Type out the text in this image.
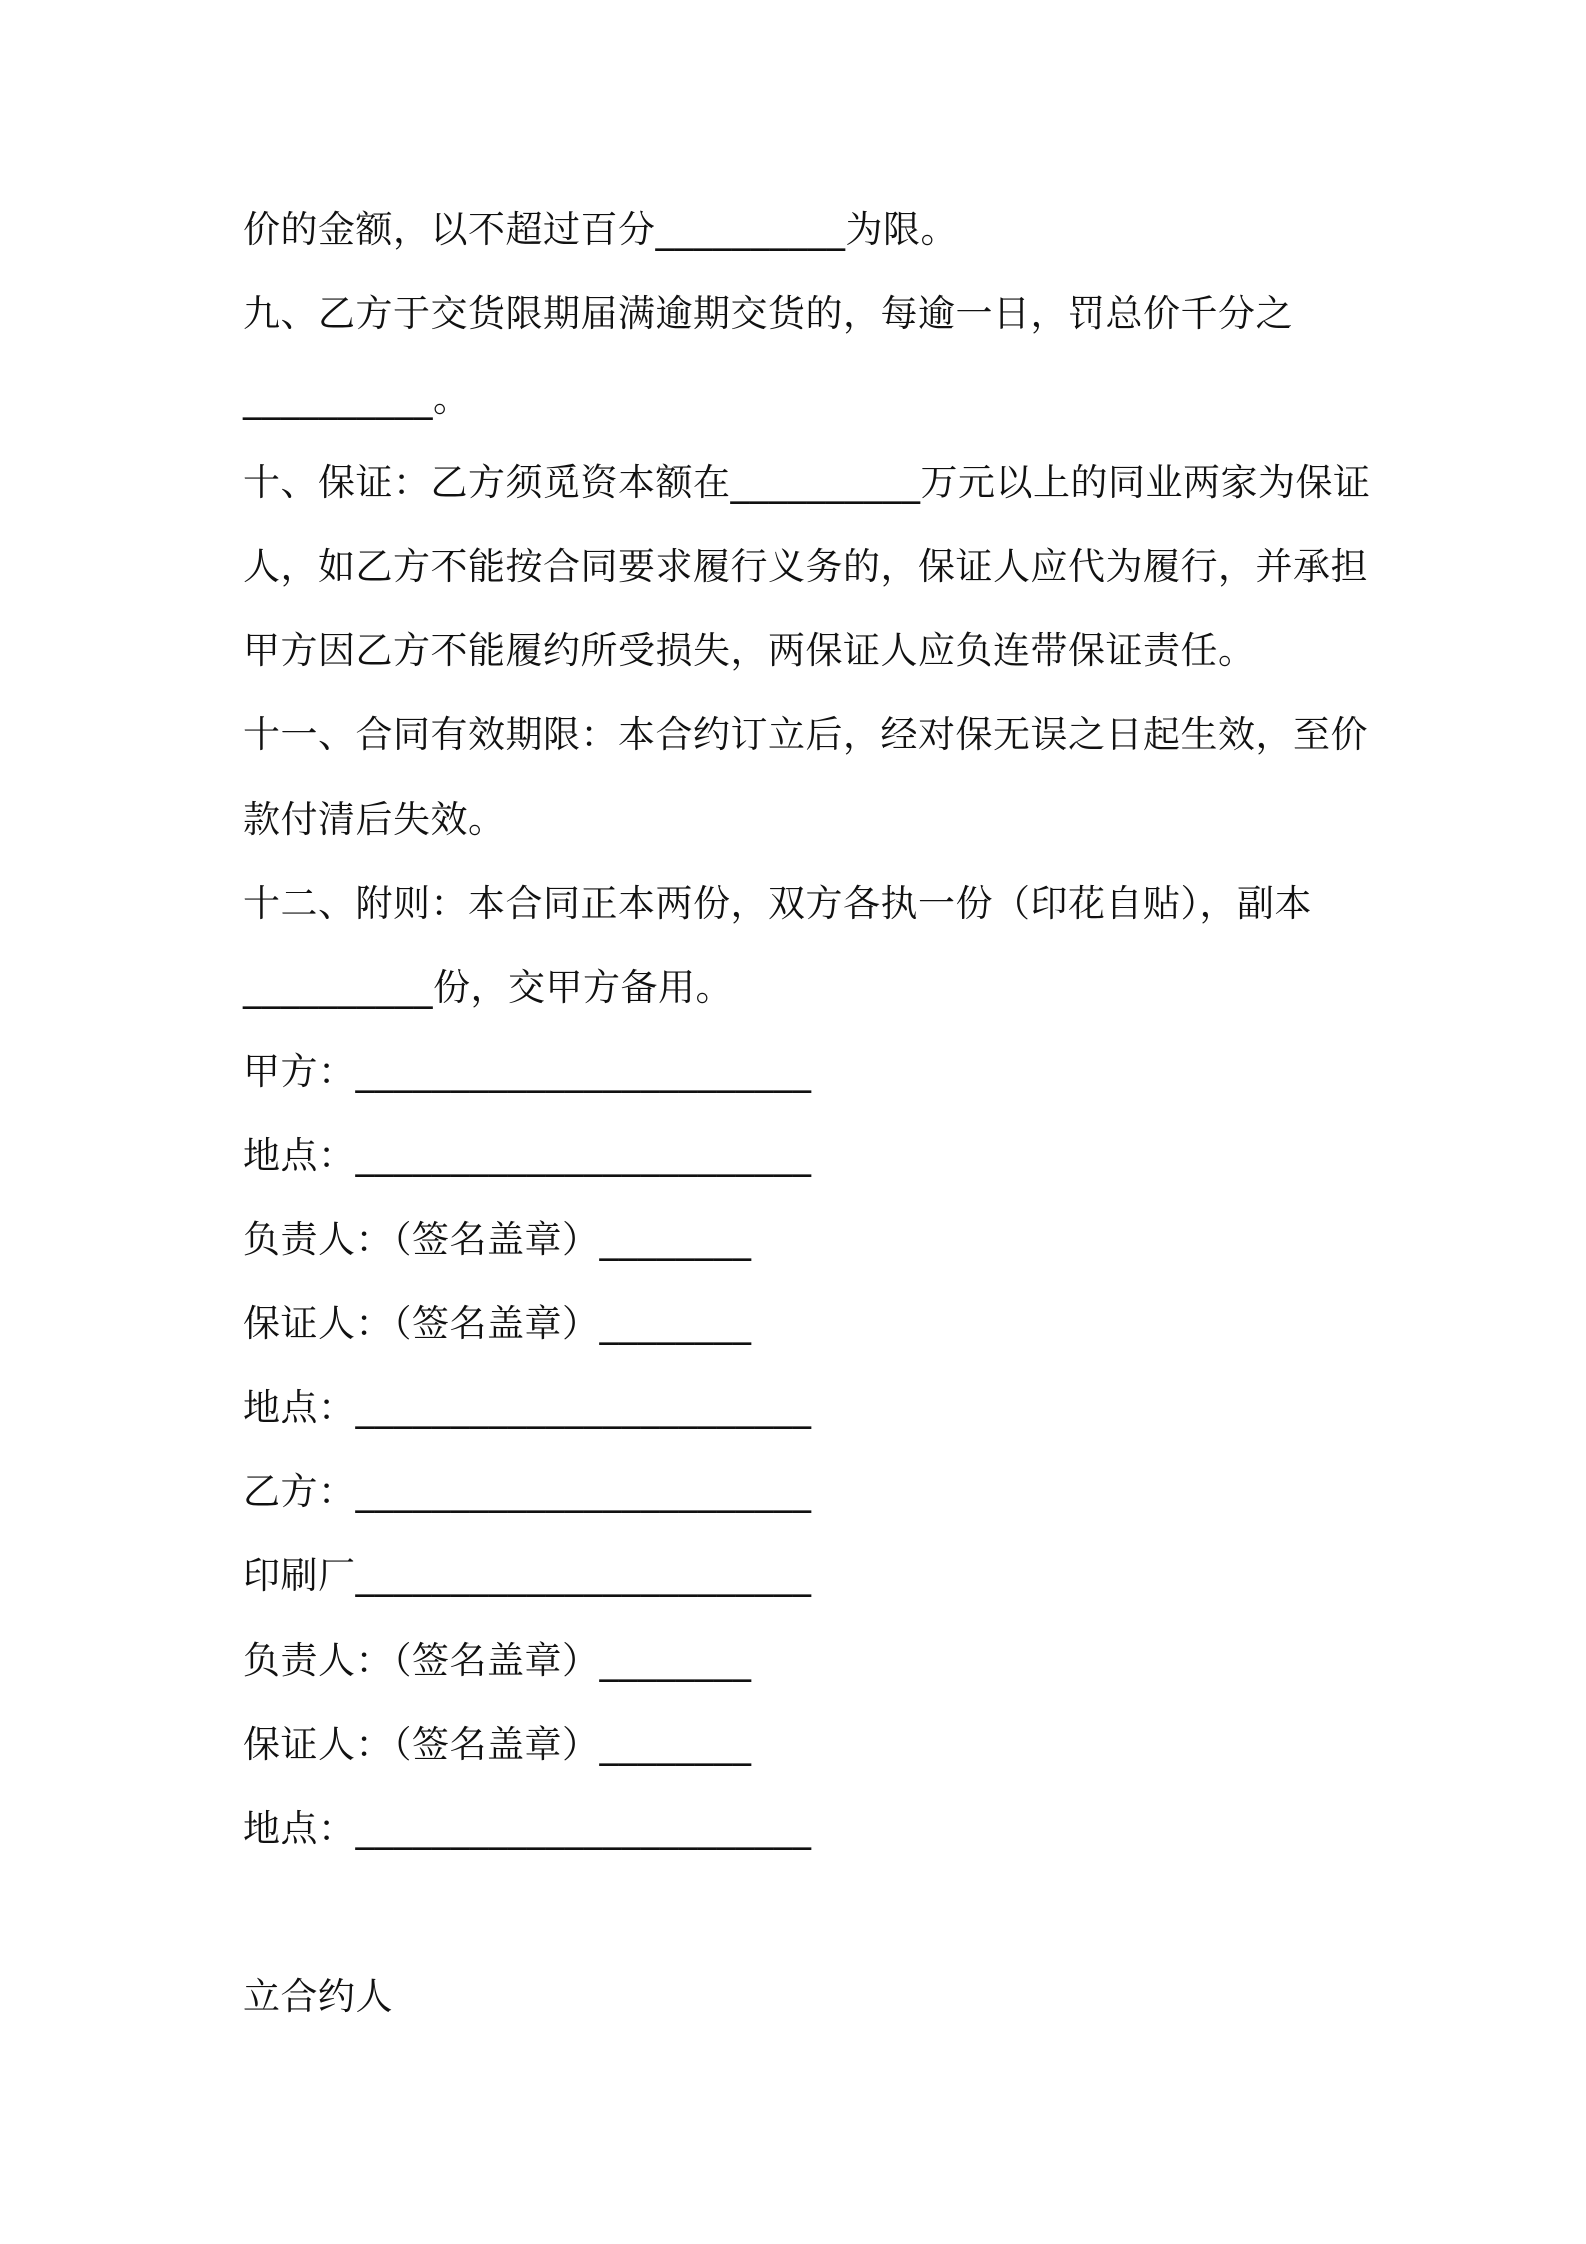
价的金额，以不超过百分__________为限。
九、乙方于交货限期届满逾期交货的，每逾一日，罚总价千分之
__________。
十、保证：乙方须觅资本额在__________万元以上的同业两家为保证
人，如乙方不能按合同要求履行义务的，保证人应代为履行，并承担
甲方因乙方不能履约所受损失，两保证人应负连带保证责任。
十一、合同有效期限：本合约订立后，经对保无误之日起生效，至价
款付清后失效。
十二、附则：本合同正本两份，双方各执一份（印花自贴），副本
__________份，交甲方备用。
甲方：________________________
地点：________________________
负责人：（签名盖章）________
保证人：（签名盖章）________
地点：________________________
乙方：________________________
印刷厂________________________
负责人：（签名盖章）________
保证人：（签名盖章）________
地点：________________________
立合约人
